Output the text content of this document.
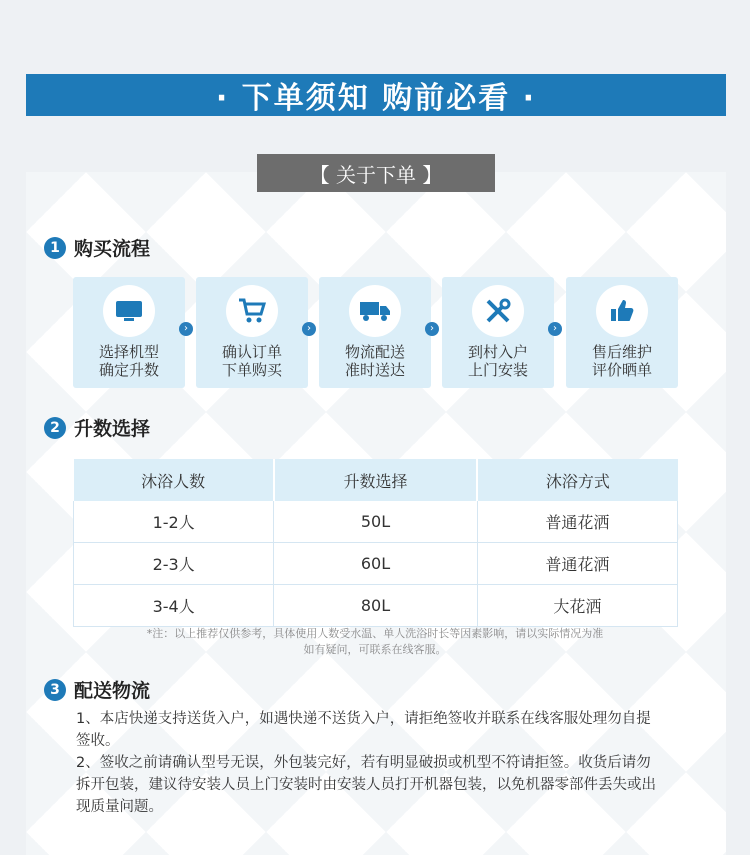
· 下单须知 购前必看 ·
【 关于下单 】
1 购买流程
选择机型
确定升数
›
确认订单
下单购买
›
物流配送
准时送达
›
到村入户
上门安装
›
售后维护
评价晒单
2 升数选择
沐浴人数	升数选择	沐浴方式
1-2人	50L	普通花洒
2-3人	60L	普通花洒
3-4人	80L	大花洒
*注：以上推荐仅供参考，具体使用人数受水温、单人洗浴时长等因素影响，请以实际情况为准
如有疑问，可联系在线客服。
3 配送物流
1、本店快递支持送货入户，如遇快递不送货入户，请拒绝签收并联系在线客服处理勿自提签收。
2、签收之前请确认型号无误，外包装完好，若有明显破损或机型不符请拒签。收货后请勿拆开包装，建议待安装人员上门安装时由安装人员打开机器包装，以免机器零部件丢失或出现质量问题。
